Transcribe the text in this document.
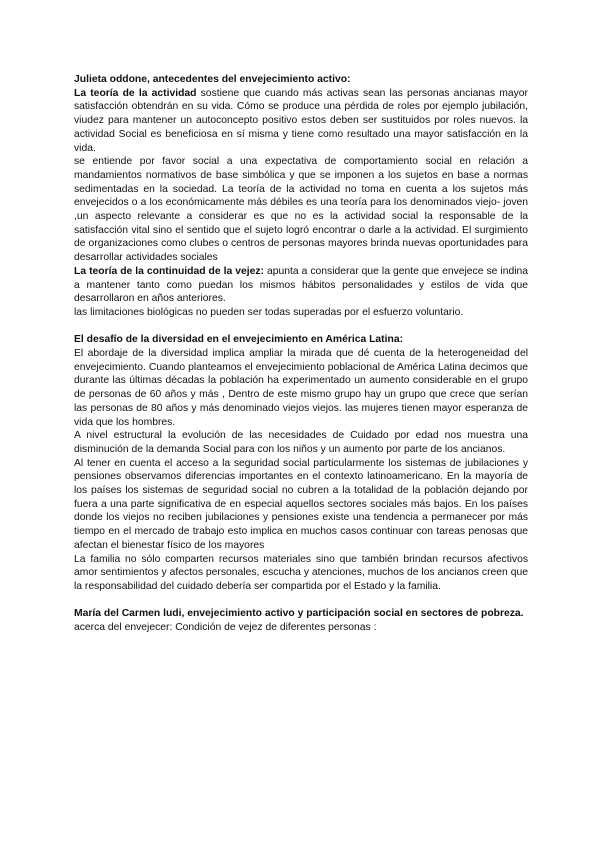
Julieta oddone, antecedentes del envejecimiento activo:

La teoría de la actividad sostiene que cuando más activas sean las personas ancianas mayor satisfacción obtendrán en su vida. Cómo se produce una pérdida de roles por ejemplo jubilación, viudez para mantener un autoconcepto positivo estos deben ser sustituidos por roles nuevos. la actividad Social es beneficiosa en sí misma y tiene como resultado una mayor satisfacción en la vida.

se entiende por favor social a una expectativa de comportamiento social en relación a mandamientos normativos de base simbólica y que se imponen a los sujetos en base a normas sedimentadas en la sociedad. La teoría de la actividad no toma en cuenta a los sujetos más envejecidos o a los económicamente más débiles es una teoría para los denominados viejo- joven ,un aspecto relevante a considerar es que no es la actividad social la responsable de la satisfacción vital sino el sentido que el sujeto logró encontrar o darle a la actividad. El surgimiento de organizaciones como clubes o centros de personas mayores brinda nuevas oportunidades para desarrollar actividades sociales

La teoría de la continuidad de la vejez: apunta a considerar que la gente que envejece se indina a mantener tanto como puedan los mismos hábitos personalidades y estilos de vida que desarrollaron en años anteriores.

las limitaciones biológicas no pueden ser todas superadas por el esfuerzo voluntario.

El desafío de la diversidad en el envejecimiento en América Latina:

El abordaje de la diversidad implica ampliar la mirada que dé cuenta de la heterogeneidad del envejecimiento. Cuando planteamos el envejecimiento poblacional de América Latina decimos que durante las últimas décadas la población ha experimentado un aumento considerable en el grupo de personas de 60 años y más , Dentro de este mismo grupo hay un grupo que crece que serían las personas de 80 años y más denominado viejos viejos. las mujeres tienen mayor esperanza de vida que los hombres.

A nivel estructural la evolución de las necesidades de Cuidado por edad nos muestra una disminución de la demanda Social para con los niños y un aumento por parte de los ancianos.

Al tener en cuenta el acceso a la seguridad social particularmente los sistemas de jubilaciones y pensiones observamos diferencias importantes en el contexto latinoamericano. En la mayoría de los países los sistemas de seguridad social no cubren a la totalidad de la población dejando por fuera a una parte significativa de en especial aquellos sectores sociales más bajos. En los países donde los viejos no reciben jubilaciones y pensiones existe una tendencia a permanecer por más tiempo en el mercado de trabajo esto implica en muchos casos continuar con tareas penosas que afectan el bienestar físico de los mayores

La familia no sólo comparten recursos materiales sino que también brindan recursos afectivos amor sentimientos y afectos personales, escucha y atenciones, muchos de los ancianos creen que la responsabilidad del cuidado debería ser compartida por el Estado y la familia.

María del Carmen ludi, envejecimiento activo y participación social en sectores de pobreza.

acerca del envejecer: Condición de vejez de diferentes personas :
